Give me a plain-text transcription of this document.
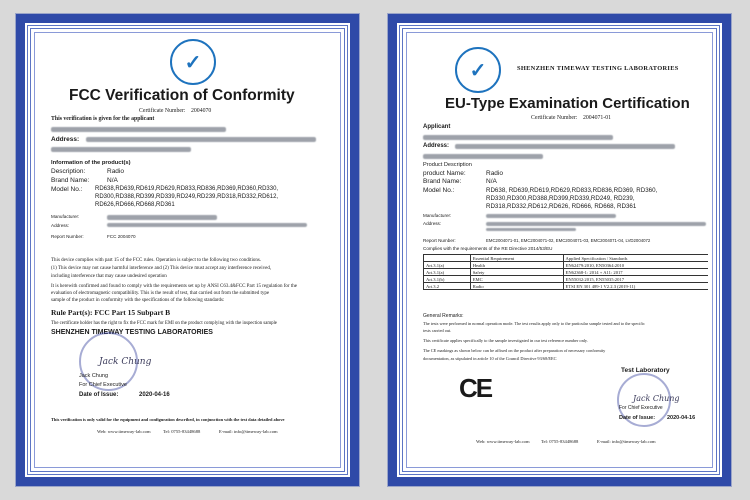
✓
FCC Verification of Conformity
Certificate Number: 2004070
This verification is given for the applicant
Address:
Information of the product(s)
Description:	Radio
Brand Name:	N/A
Model No.: RD638,RD639,RD619,RD629,RD833,RD836,RD369,RD360,RD330,
RD300,RD388,RD399,RD339,RD249,RD239,RD318,RD332,RD612,
RD626,RD666,RD668,RD361
Manufacturer:
Address:
Report Number:	FCC 2004070
This device complies with part 15 of the FCC rules. Operation is subject to the following two conditions.
(1) This device may not cause harmful interference and (2) This device must accept any interference received,
including interference that may cause undesired operation
It is herewith confirmed and found to comply with the requirements set up by ANSI C63.4&FCC Part 15 regulation for the
evaluation of electromagnetic compatibility. This is the result of test, that carried out from the submitted type
sample of the product in conformity with the specifications of the following standards:
Rule Part(s): FCC Part 15 Subpart B
The certificate holder has the right to fix the FCC mark for EMI on the product complying with the inspection sample
SHENZHEN TIMEWAY TESTING LABORATORIES
Jack Chung
Jack Chung
For Chief Executive
Date of Issue:	2020-04-16
This verification is only valid for the equipment and configuration described, in conjunction with the test data detailed above
Web: www.timeway-lab.com	Tel: 0755-83448688	E-mail: info@timeway-lab.com
✓	SHENZHEN TIMEWAY TESTING LABORATORIES
EU-Type Examination Certification
Certificate Number: 2004071-01
Applicant
Address:
Product Description
product Name:	Radio
Brand Name:	N/A
Model No.:	RD638, RD639,RD619,RD629,RD833,RD836,RD369, RD360,
RD330,RD300,RD388,RD399,RD339,RD249, RD239,
RD318,RD332,RD612,RD626, RD666, RD668, RD361
Manufacturer:
Address:
Report Number:	EMC2004071-01, EMC2004071-02, EMC2004071-03, EMC2004071-04, LVD2004072
Complies with the requirements of the RE Directive 2014/53/EU
	Essential Requirement	Applied Specification / Standards
Art.3.1(a)	Health	EN62479:2010, EN50364:2010
Art.3.1(a)	Safety	EN62368-1: 2014 + A11: 2017
Art.3.1(b)	EMC	EN55032:2015, EN55035:2017
Art.3.2	Radio	ETSI EN 301 489-1 V2.2.3 (2019-11)
General Remarks:
The tests were performed in normal operation mode. The test results apply only to the particular sample tested and to the specific
tests carried out.
This certificate applies specifically to the sample investigated in our test reference number only.
The CE markings as shown below can be affixed on the product after preparation of necessary conformity
documentation, as stipulated in article 10 of the Council Directive 93/68/EEC
CE
Test Laboratory
Jack Chung
For Chief Executive
Date of Issue: 2020-04-16
Web: www.timeway-lab.com Tel: 0755-83448688	E-mail: info@timeway-lab.com
